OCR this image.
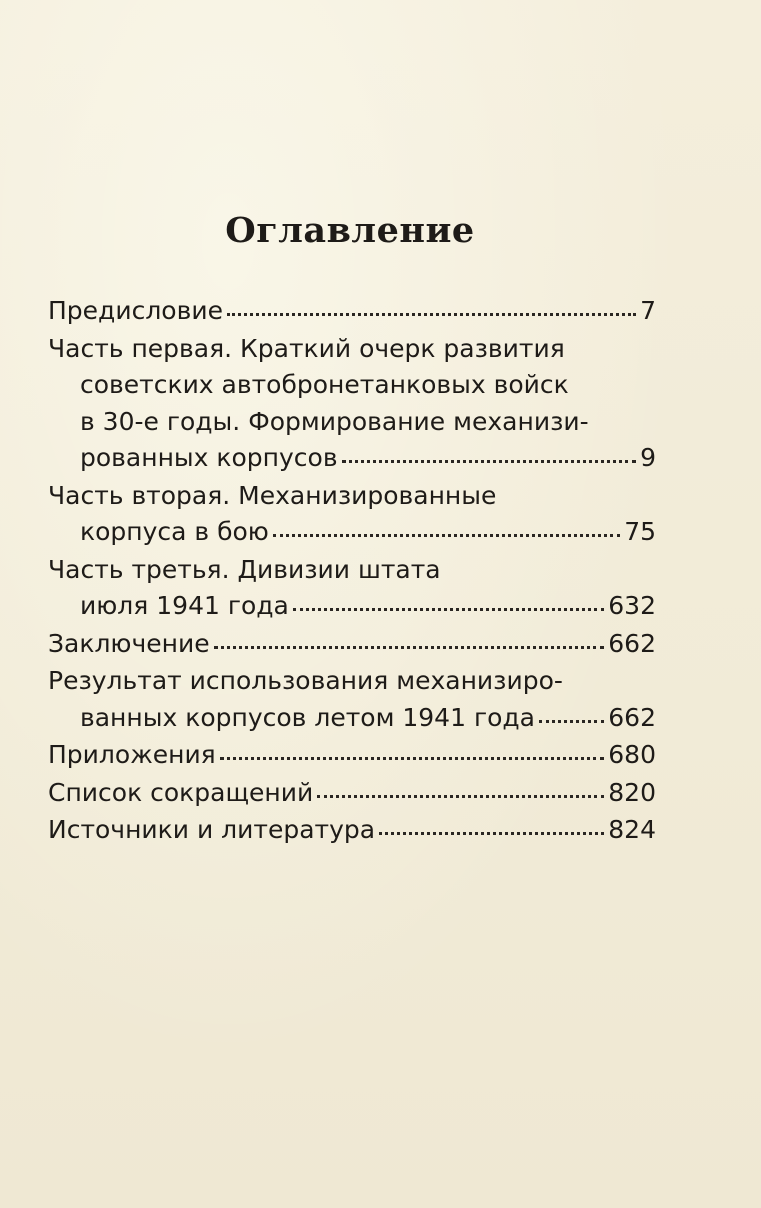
Оглавление
Предисловие	7
Часть первая. Краткий очерк развития
советских автобронетанковых войск
в 30-е годы. Формирование механизи-
рованных корпусов	9
Часть вторая. Механизированные
корпуса в бою	75
Часть третья. Дивизии штата
июля 1941 года	632
Заключение	662
Результат использования механизиро-
ванных корпусов летом 1941 года	662
Приложения	680
Список сокращений	820
Источники и литература	824
